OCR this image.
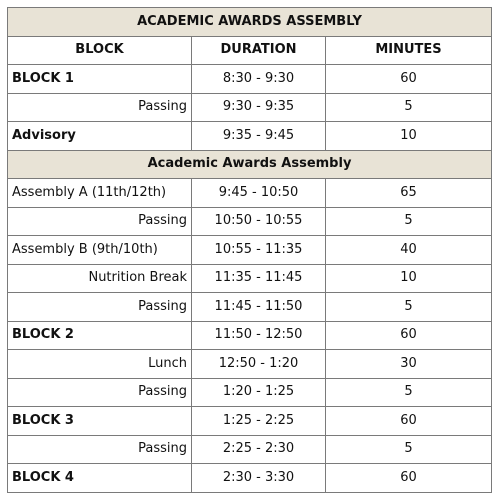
ACADEMIC AWARDS ASSEMBLY		
BLOCK	DURATION	MINUTES
BLOCK 1	8:30 - 9:30	60
Passing	9:30 - 9:35	5
Advisory	9:35 - 9:45	10
Academic Awards Assembly		
Assembly A (11th/12th)	9:45 - 10:50	65
Passing	10:50 - 10:55	5
Assembly B (9th/10th)	10:55 - 11:35	40
Nutrition Break	11:35 - 11:45	10
Passing	11:45 - 11:50	5
BLOCK 2	11:50 - 12:50	60
Lunch	12:50 - 1:20	30
Passing	1:20 - 1:25	5
BLOCK 3	1:25 - 2:25	60
Passing	2:25 - 2:30	5
BLOCK 4	2:30 - 3:30	60
